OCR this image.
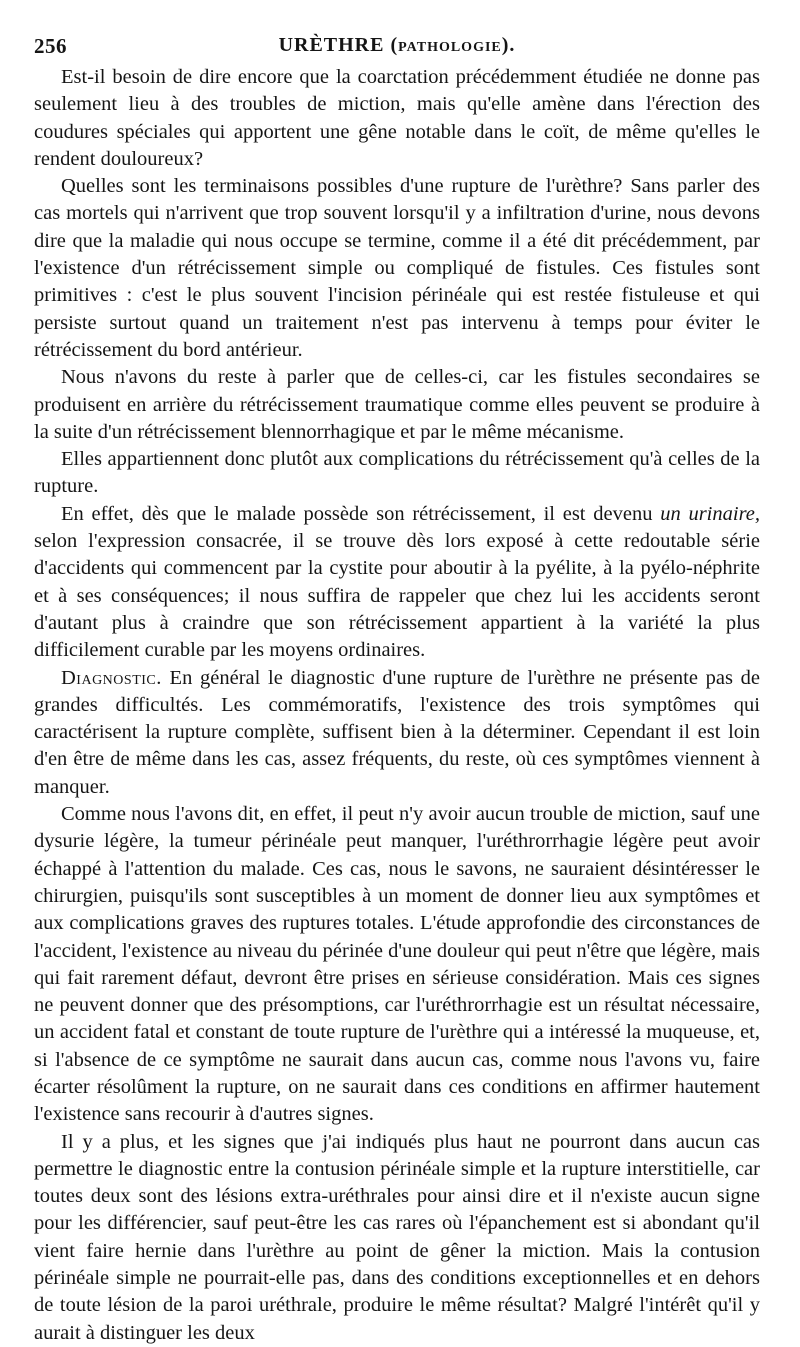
256	URÈTHRE (PATHOLOGIE).

Est-il besoin de dire encore que la coarctation précédemment étudiée ne donne pas seulement lieu à des troubles de miction, mais qu'elle amène dans l'érection des coudures spéciales qui apportent une gêne notable dans le coït, de même qu'elles le rendent douloureux?

Quelles sont les terminaisons possibles d'une rupture de l'urèthre? Sans parler des cas mortels qui n'arrivent que trop souvent lorsqu'il y a infiltration d'urine, nous devons dire que la maladie qui nous occupe se termine, comme il a été dit précédemment, par l'existence d'un rétrécissement simple ou compliqué de fistules. Ces fistules sont primitives : c'est le plus souvent l'incision périnéale qui est restée fistuleuse et qui persiste surtout quand un traitement n'est pas intervenu à temps pour éviter le rétrécissement du bord antérieur.

Nous n'avons du reste à parler que de celles-ci, car les fistules secondaires se produisent en arrière du rétrécissement traumatique comme elles peuvent se produire à la suite d'un rétrécissement blennorrhagique et par le même mécanisme.

Elles appartiennent donc plutôt aux complications du rétrécissement qu'à celles de la rupture.

En effet, dès que le malade possède son rétrécissement, il est devenu un urinaire, selon l'expression consacrée, il se trouve dès lors exposé à cette redoutable série d'accidents qui commencent par la cystite pour aboutir à la pyélite, à la pyélo-néphrite et à ses conséquences; il nous suffira de rappeler que chez lui les accidents seront d'autant plus à craindre que son rétrécissement appartient à la variété la plus difficilement curable par les moyens ordinaires.

Diagnostic. En général le diagnostic d'une rupture de l'urèthre ne présente pas de grandes difficultés. Les commémoratifs, l'existence des trois symptômes qui caractérisent la rupture complète, suffisent bien à la déterminer. Cependant il est loin d'en être de même dans les cas, assez fréquents, du reste, où ces symptômes viennent à manquer.

Comme nous l'avons dit, en effet, il peut n'y avoir aucun trouble de miction, sauf une dysurie légère, la tumeur périnéale peut manquer, l'uréthrorrhagie légère peut avoir échappé à l'attention du malade. Ces cas, nous le savons, ne sauraient désintéresser le chirurgien, puisqu'ils sont susceptibles à un moment de donner lieu aux symptômes et aux complications graves des ruptures totales. L'étude approfondie des circonstances de l'accident, l'existence au niveau du périnée d'une douleur qui peut n'être que légère, mais qui fait rarement défaut, devront être prises en sérieuse considération. Mais ces signes ne peuvent donner que des présomptions, car l'uréthrorrhagie est un résultat nécessaire, un accident fatal et constant de toute rupture de l'urèthre qui a intéressé la muqueuse, et, si l'absence de ce symptôme ne saurait dans aucun cas, comme nous l'avons vu, faire écarter résolûment la rupture, on ne saurait dans ces conditions en affirmer hautement l'existence sans recourir à d'autres signes.

Il y a plus, et les signes que j'ai indiqués plus haut ne pourront dans aucun cas permettre le diagnostic entre la contusion périnéale simple et la rupture interstitielle, car toutes deux sont des lésions extra-uréthrales pour ainsi dire et il n'existe aucun signe pour les différencier, sauf peut-être les cas rares où l'épanchement est si abondant qu'il vient faire hernie dans l'urèthre au point de gêner la miction. Mais la contusion périnéale simple ne pourrait-elle pas, dans des conditions exceptionnelles et en dehors de toute lésion de la paroi uréthrale, produire le même résultat? Malgré l'intérêt qu'il y aurait à distinguer les deux
